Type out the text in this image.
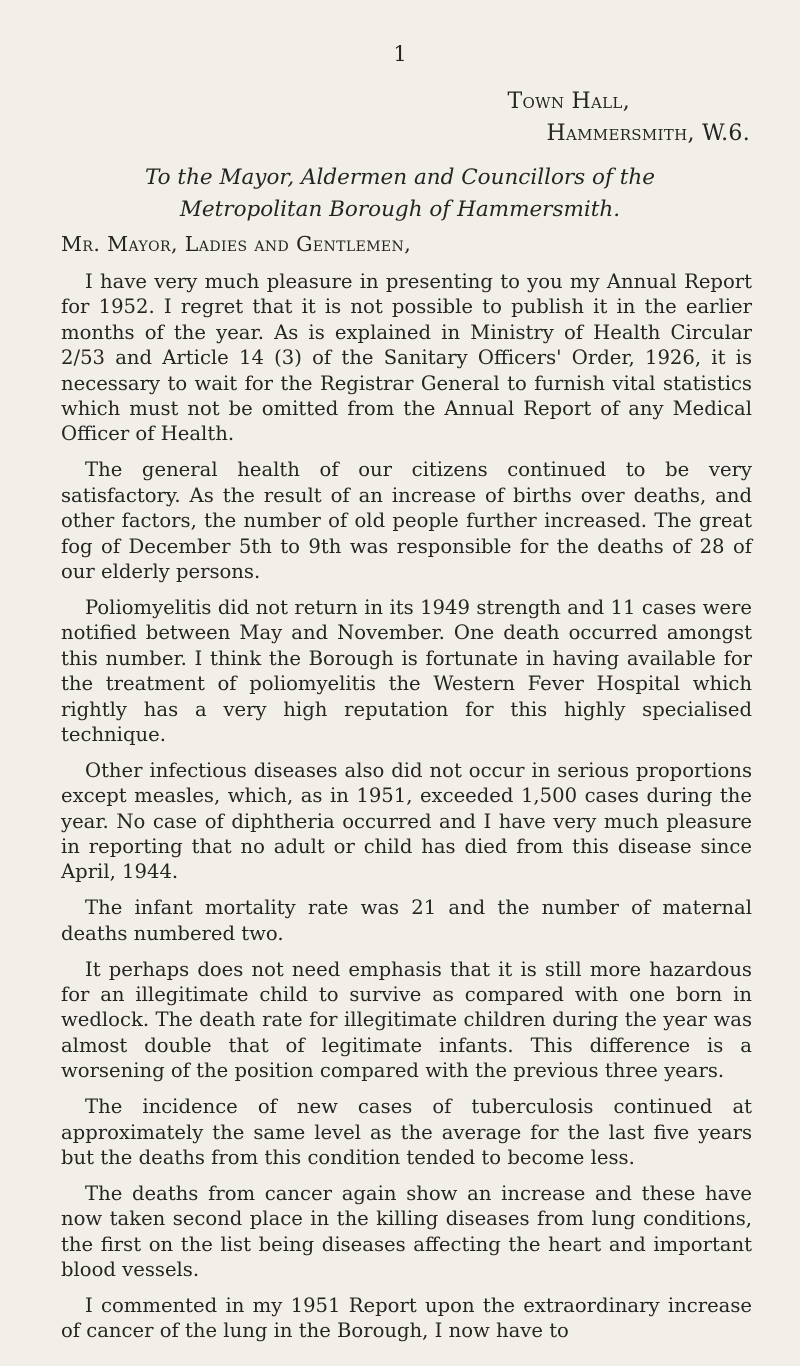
1
Town Hall,
Hammersmith, W.6.
To the Mayor, Aldermen and Councillors of the
Metropolitan Borough of Hammersmith.
Mr. Mayor, Ladies and Gentlemen,

I have very much pleasure in presenting to you my Annual Report for 1952. I regret that it is not possible to publish it in the earlier months of the year. As is explained in Ministry of Health Circular 2/53 and Article 14 (3) of the Sanitary Officers' Order, 1926, it is necessary to wait for the Registrar General to furnish vital statistics which must not be omitted from the Annual Report of any Medical Officer of Health.

The general health of our citizens continued to be very satisfactory. As the result of an increase of births over deaths, and other factors, the number of old people further increased. The great fog of December 5th to 9th was responsible for the deaths of 28 of our elderly persons.

Poliomyelitis did not return in its 1949 strength and 11 cases were notified between May and November. One death occurred amongst this number. I think the Borough is fortunate in having available for the treatment of poliomyelitis the Western Fever Hospital which rightly has a very high reputation for this highly specialised technique.

Other infectious diseases also did not occur in serious proportions except measles, which, as in 1951, exceeded 1,500 cases during the year. No case of diphtheria occurred and I have very much pleasure in reporting that no adult or child has died from this disease since April, 1944.

The infant mortality rate was 21 and the number of maternal deaths numbered two.

It perhaps does not need emphasis that it is still more hazardous for an illegitimate child to survive as compared with one born in wedlock. The death rate for illegitimate children during the year was almost double that of legitimate infants. This difference is a worsening of the position compared with the previous three years.

The incidence of new cases of tuberculosis continued at approximately the same level as the average for the last five years but the deaths from this condition tended to become less.

The deaths from cancer again show an increase and these have now taken second place in the killing diseases from lung conditions, the first on the list being diseases affecting the heart and important blood vessels.

I commented in my 1951 Report upon the extraordinary increase of cancer of the lung in the Borough, I now have to
